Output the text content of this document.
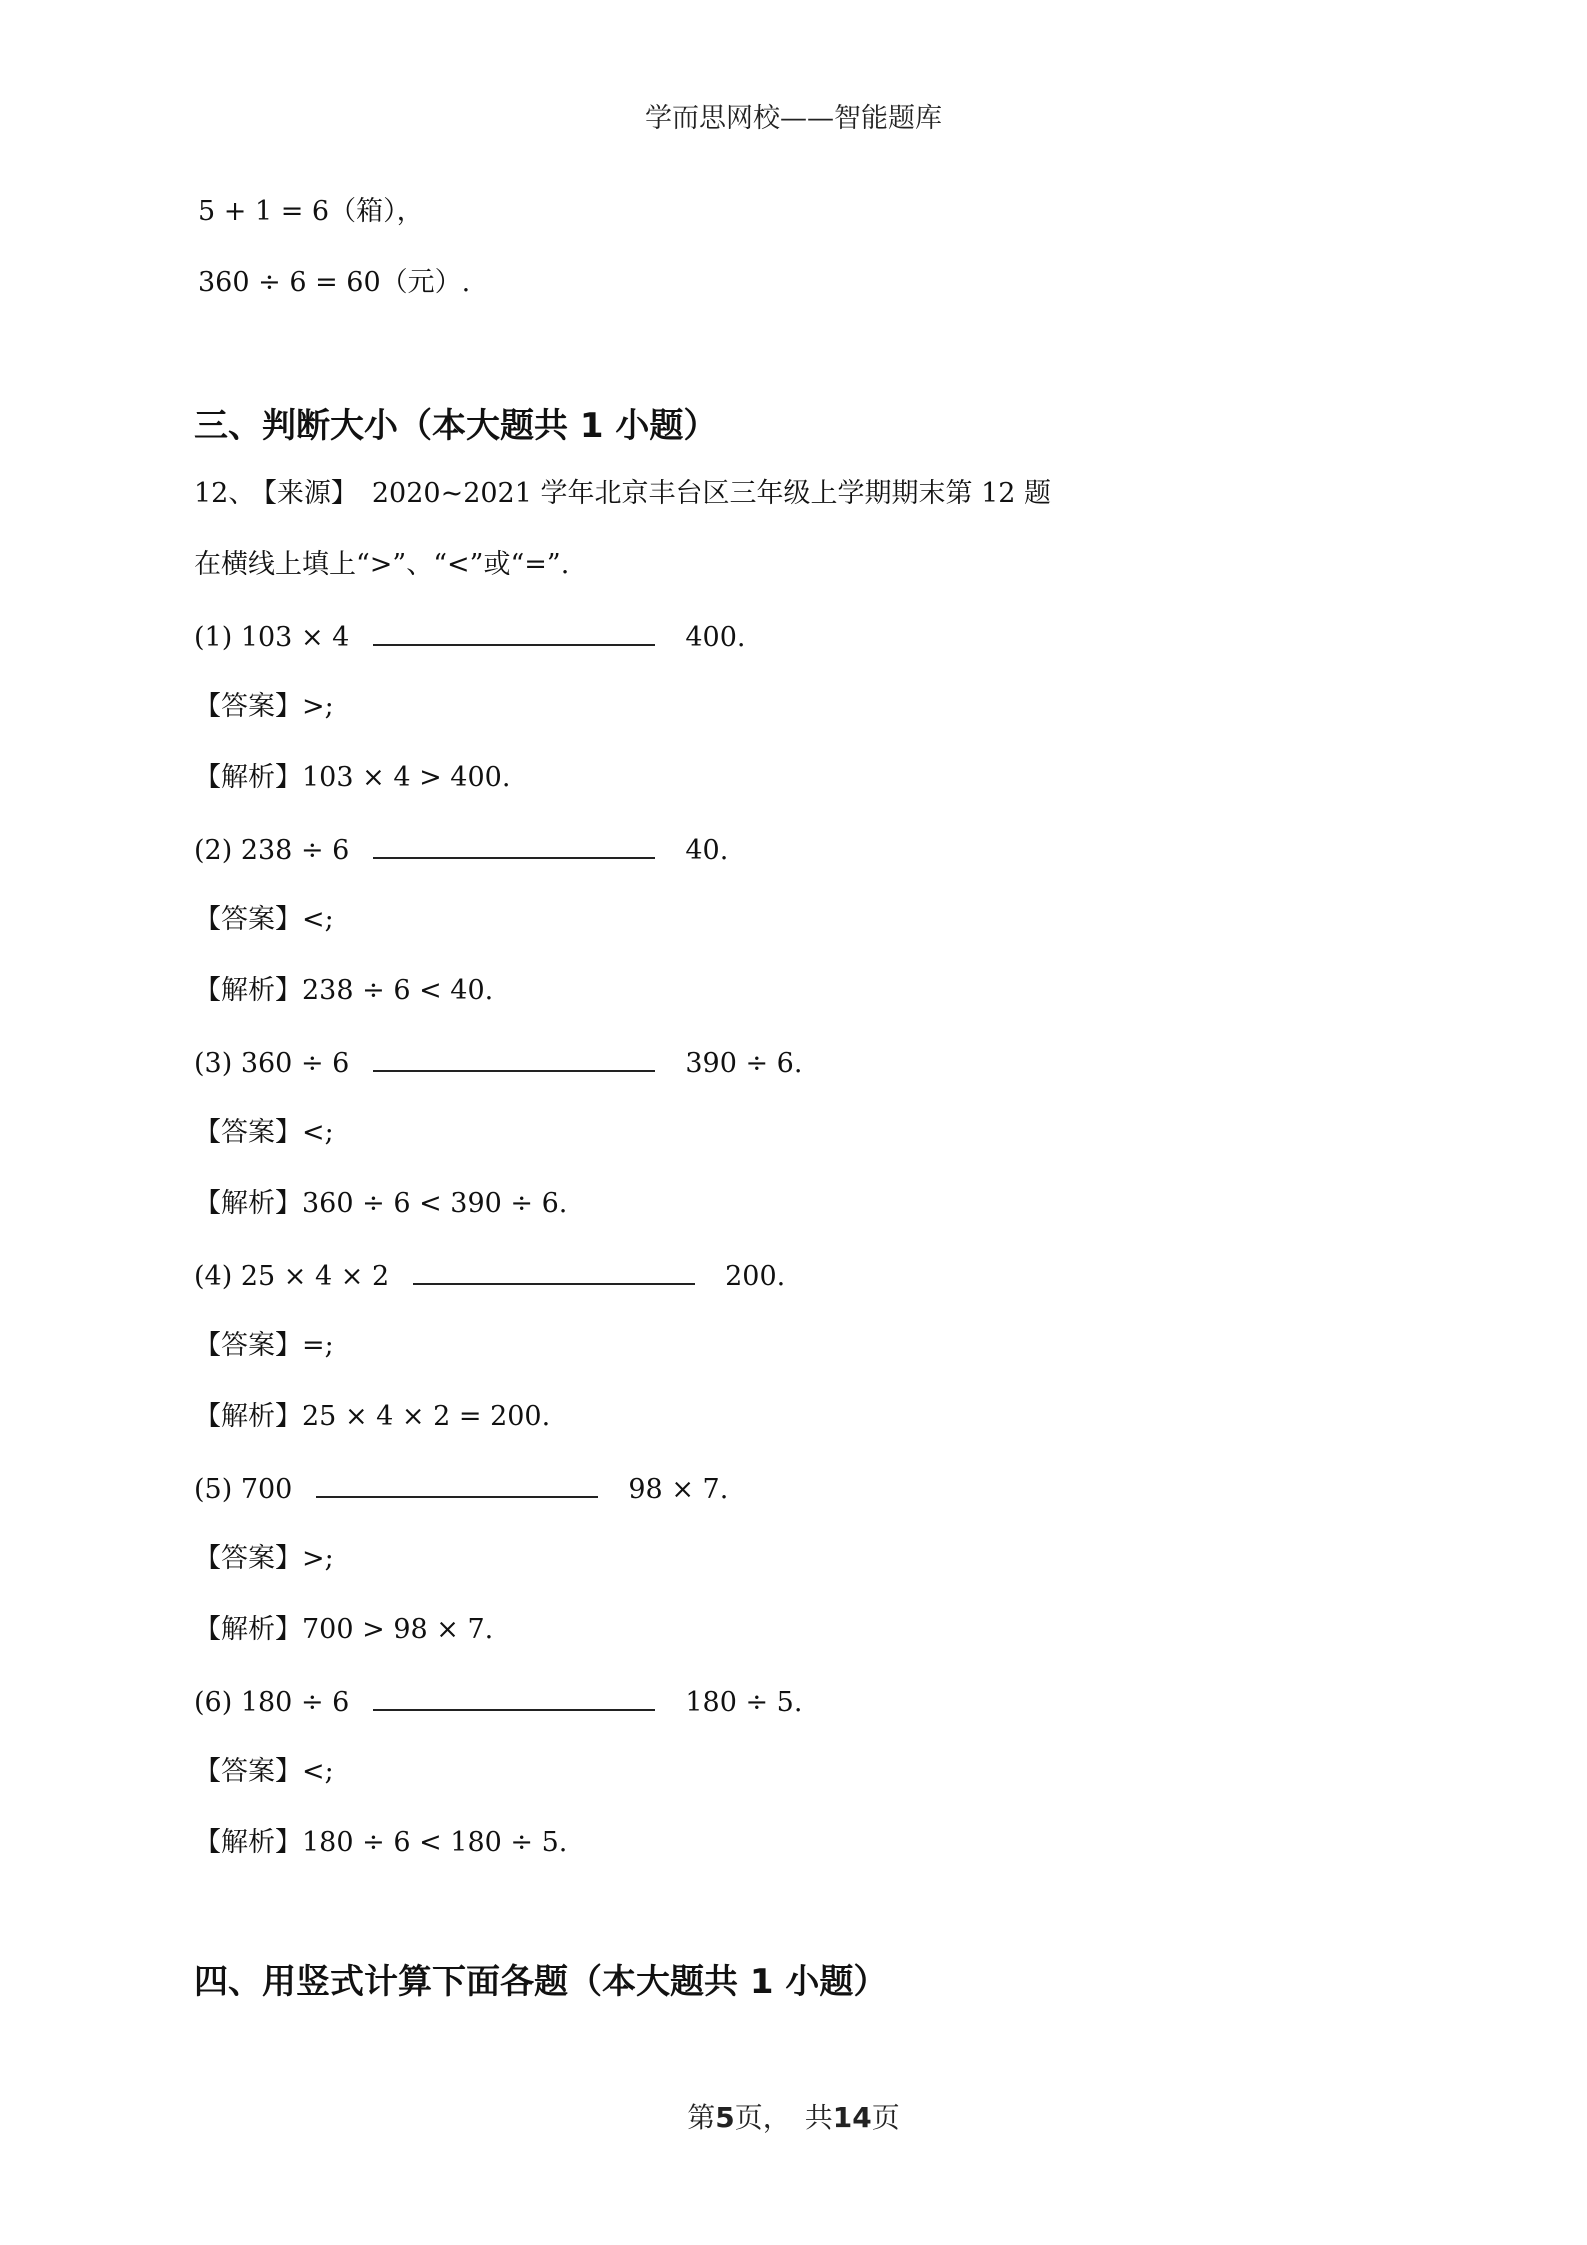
学而思网校——智能题库
5 + 1 = 6（箱），
360 ÷ 6 = 60（元）.
三、判断大小（本大题共 1 小题）
12、 【来源】 2020~2021 学年北京丰台区三年级上学期期末第 12 题
在横线上填上“>”、“<”或“=”.
(1) 103 × 4	400.
【答案】>;
【解析】103 × 4 > 400.
(2) 238 ÷ 6	40.
【答案】<;
【解析】238 ÷ 6 < 40.
(3) 360 ÷ 6	390 ÷ 6.
【答案】<;
【解析】360 ÷ 6 < 390 ÷ 6.
(4) 25 × 4 × 2	200.
【答案】=;
【解析】25 × 4 × 2 = 200.
(5) 700	98 × 7.
【答案】>;
【解析】700 > 98 × 7.
(6) 180 ÷ 6	180 ÷ 5.
【答案】<;
【解析】180 ÷ 6 < 180 ÷ 5.
四、用竖式计算下面各题（本大题共 1 小题）
第5页，　共14页
